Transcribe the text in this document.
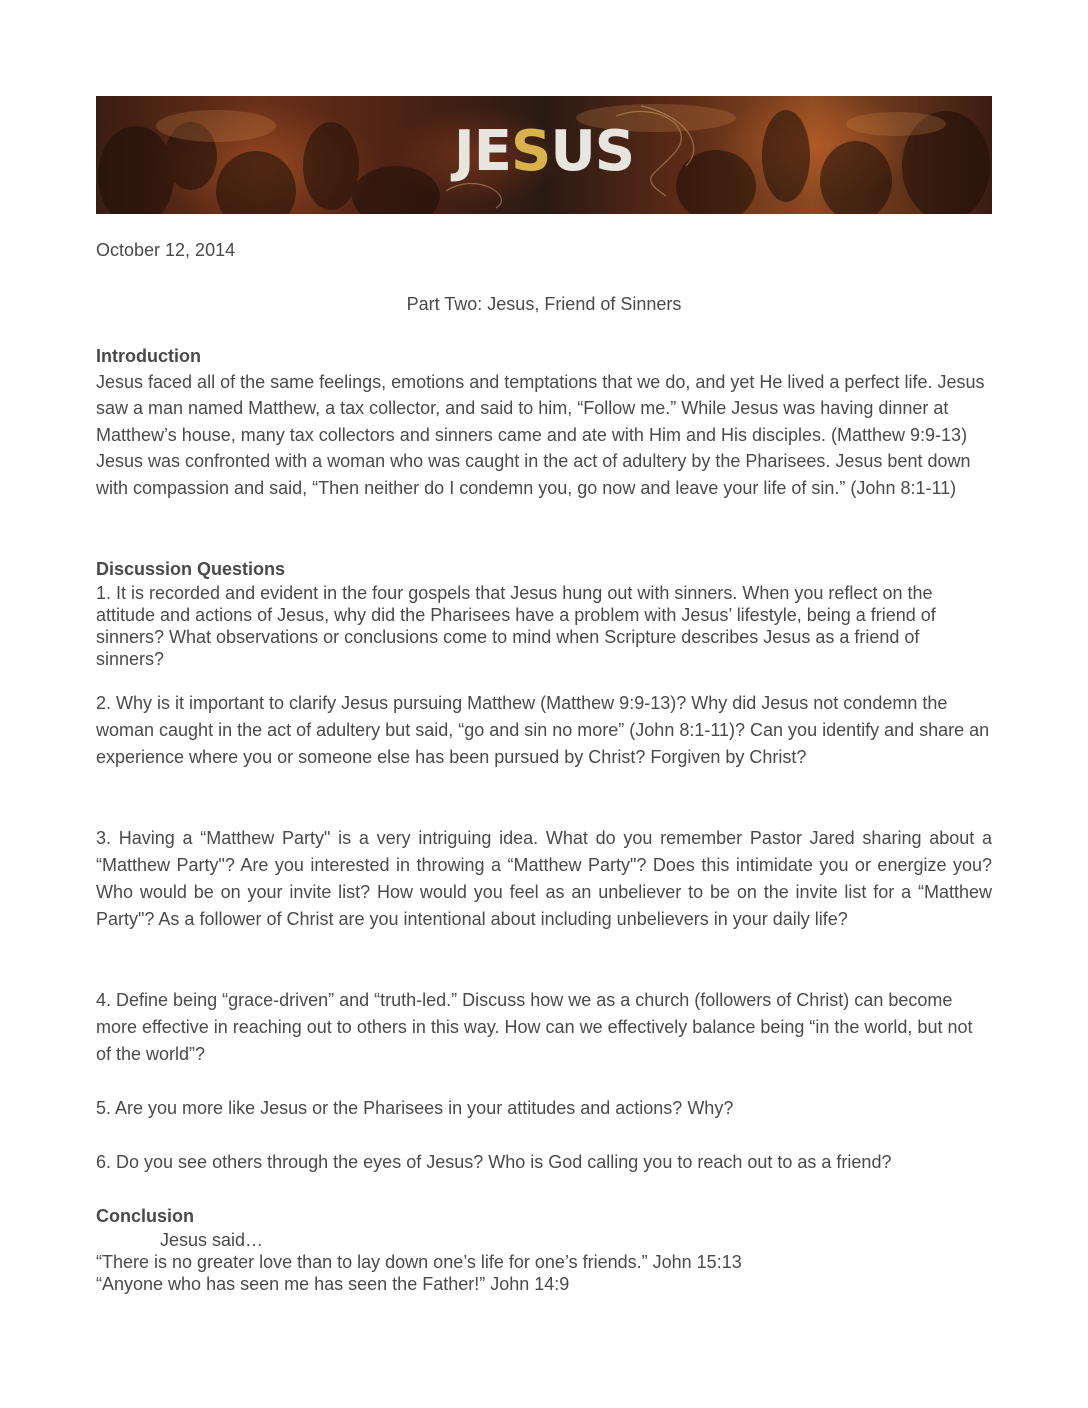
JESUS
October 12, 2014
Part Two: Jesus, Friend of Sinners
Introduction
Jesus faced all of the same feelings, emotions and temptations that we do, and yet He lived a perfect life. Jesus saw a man named Matthew, a tax collector, and said to him, “Follow me.” While Jesus was having dinner at Matthew’s house, many tax collectors and sinners came and ate with Him and His disciples. (Matthew 9:9-13) Jesus was confronted with a woman who was caught in the act of adultery by the Pharisees. Jesus bent down with compassion and said, “Then neither do I condemn you, go now and leave your life of sin.” (John 8:1-11)
Discussion Questions
1. It is recorded and evident in the four gospels that Jesus hung out with sinners. When you reflect on the attitude and actions of Jesus, why did the Pharisees have a problem with Jesus’ lifestyle, being a friend of sinners? What observations or conclusions come to mind when Scripture describes Jesus as a friend of sinners?
2. Why is it important to clarify Jesus pursuing Matthew (Matthew 9:9-13)? Why did Jesus not condemn the woman caught in the act of adultery but said, “go and sin no more” (John 8:1-11)? Can you identify and share an experience where you or someone else has been pursued by Christ? Forgiven by Christ?
3. Having a “Matthew Party" is a very intriguing idea. What do you remember Pastor Jared sharing about a “Matthew Party"? Are you interested in throwing a “Matthew Party"? Does this intimidate you or energize you? Who would be on your invite list? How would you feel as an unbeliever to be on the invite list for a “Matthew Party"? As a follower of Christ are you intentional about including unbelievers in your daily life?
4. Define being “grace-driven” and “truth-led.” Discuss how we as a church (followers of Christ) can become more effective in reaching out to others in this way. How can we effectively balance being “in the world, but not of the world”?
5. Are you more like Jesus or the Pharisees in your attitudes and actions? Why?
6. Do you see others through the eyes of Jesus? Who is God calling you to reach out to as a friend?
Conclusion
Jesus said…
“There is no greater love than to lay down one’s life for one’s friends.” John 15:13
“Anyone who has seen me has seen the Father!” John 14:9
